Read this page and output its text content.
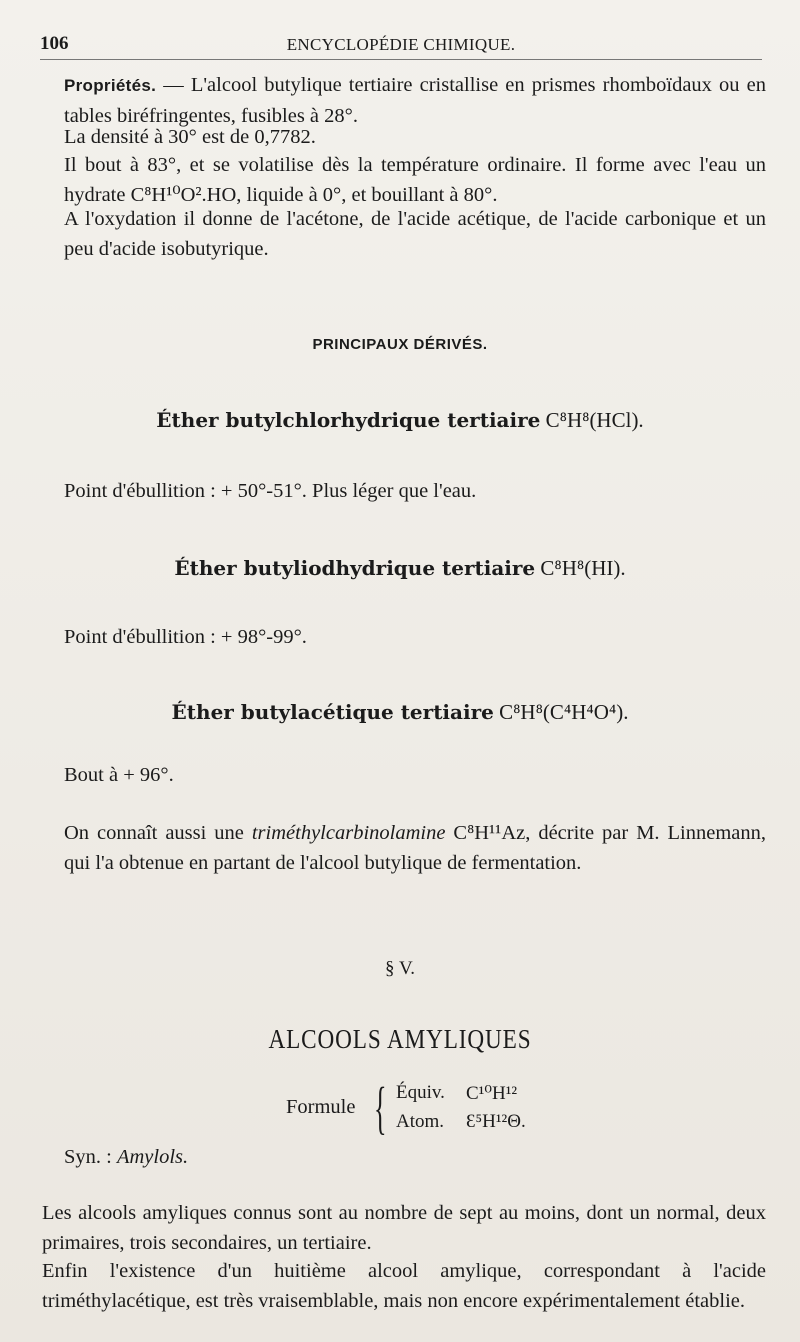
106	ENCYCLOPÉDIE CHIMIQUE.

Propriétés. — L'alcool butylique tertiaire cristallise en prismes rhomboïdaux ou en tables biréfringentes, fusibles à 28°.

La densité à 30° est de 0,7782.

Il bout à 83°, et se volatilise dès la température ordinaire. Il forme avec l'eau un hydrate C⁸H¹⁰O².HO, liquide à 0°, et bouillant à 80°.

A l'oxydation il donne de l'acétone, de l'acide acétique, de l'acide carbonique et un peu d'acide isobutyrique.

PRINCIPAUX DÉRIVÉS.

Éther butylchlorhydrique tertiaire C⁸H⁸(HCl).

Point d'ébullition : + 50°-51°. Plus léger que l'eau.

Éther butyliodhydrique tertiaire C⁸H⁸(HI).

Point d'ébullition : + 98°-99°.

Éther butylacétique tertiaire C⁸H⁸(C⁴H⁴O⁴).

Bout à + 96°.

On connaît aussi une triméthylcarbinolamine C⁸H¹¹Az, décrite par M. Linnemann, qui l'a obtenue en partant de l'alcool butylique de fermentation.

§ V.

ALCOOLS AMYLIQUES

Formule { Équiv. C¹⁰H¹²
Atom. Ɛ⁵H¹²Θ.
Syn. : Amylols.

Les alcools amyliques connus sont au nombre de sept au moins, dont un normal, deux primaires, trois secondaires, un tertiaire.

Enfin l'existence d'un huitième alcool amylique, correspondant à l'acide triméthylacétique, est très vraisemblable, mais non encore expérimentalement établie.
